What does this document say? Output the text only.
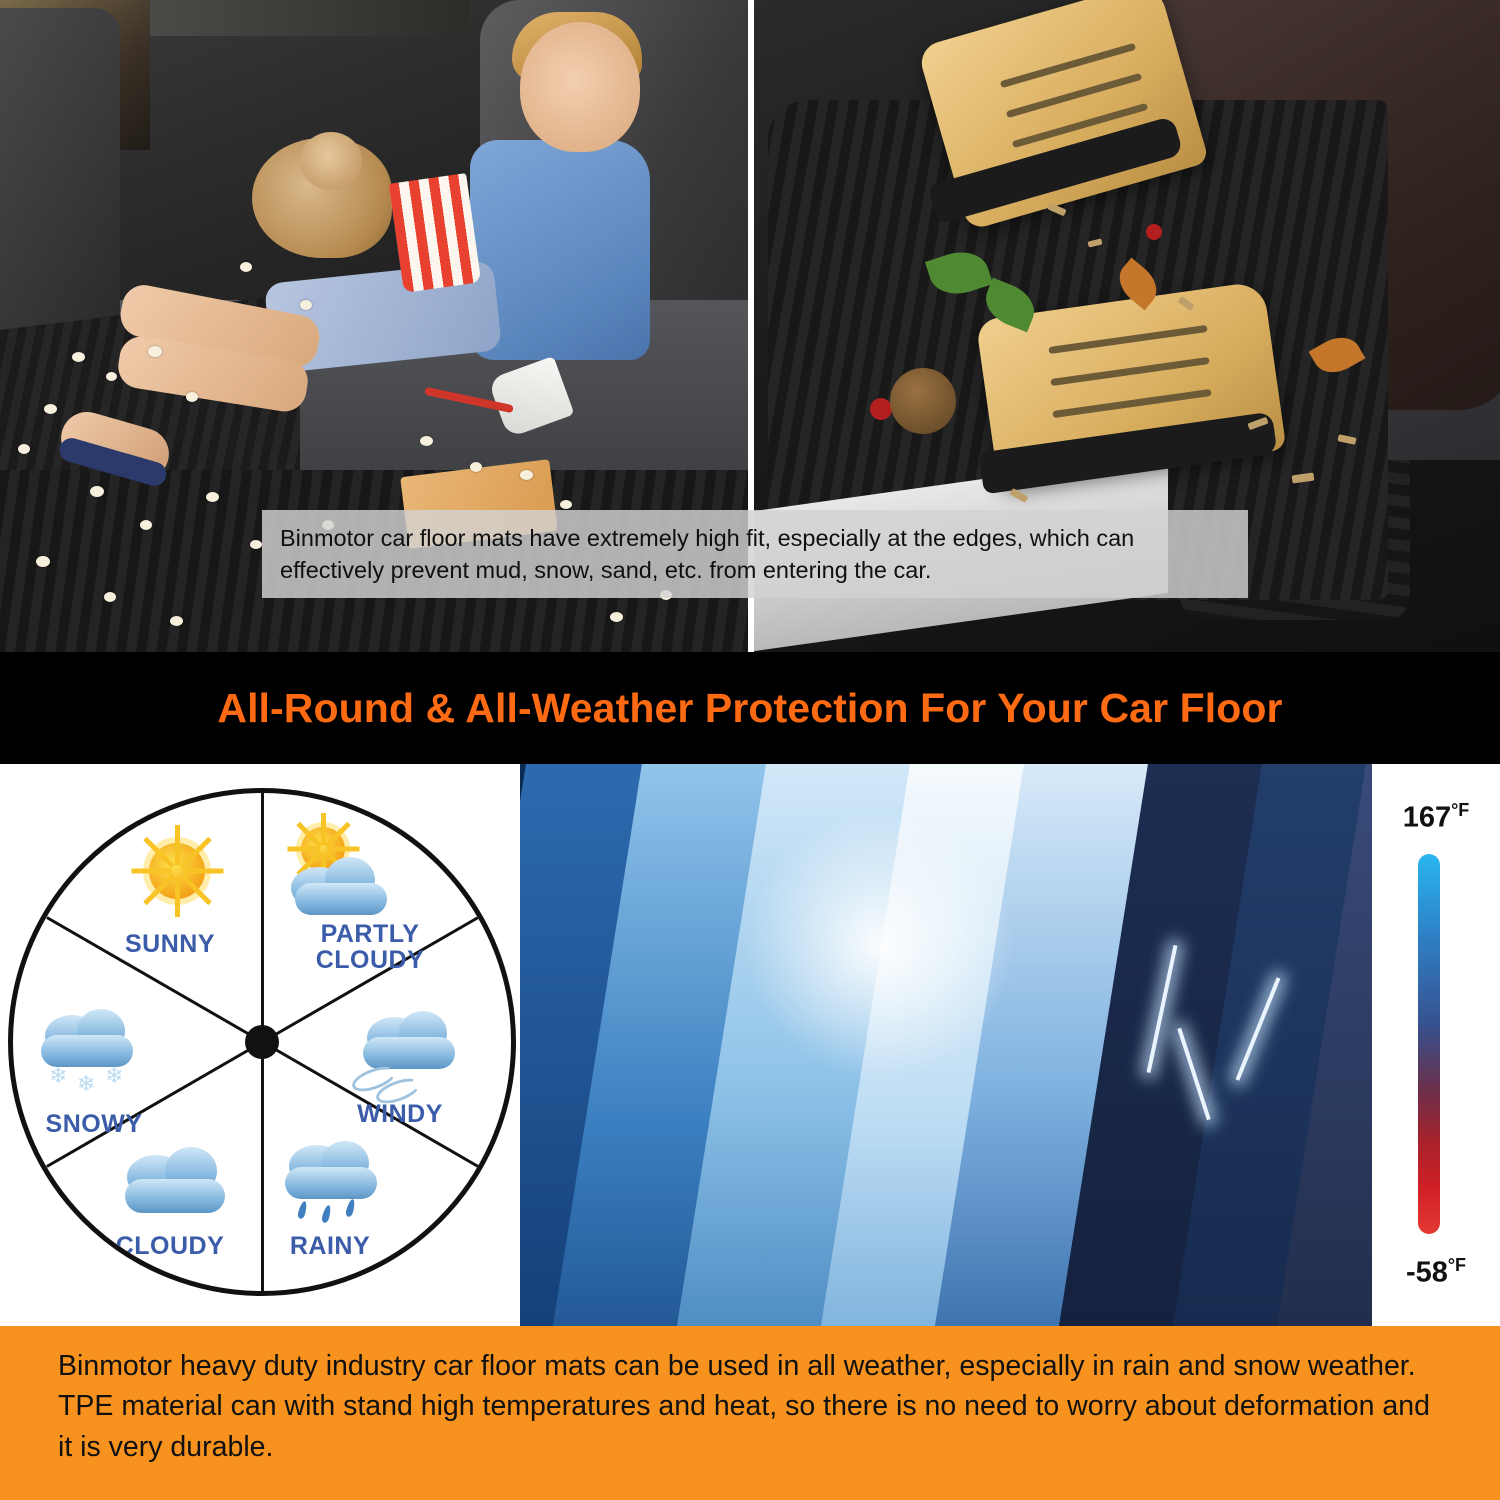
Binmotor car floor mats have extremely high fit, especially at the edges, which can effectively prevent mud, snow, sand, etc. from entering the car.

All-Round & All-Weather Protection For Your Car Floor
SUNNY	PARTLY CLOUDY
WINDY
RAINY
CLOUDY
❄ ❄ ❄
SNOWY
$167^{^\circ F}$
$-58^{^\circ F}$

Binmotor heavy duty industry car floor mats can be used in all weather, especially in rain and snow weather. TPE material can with stand high temperatures and heat, so there is no need to worry about deformation and it is very durable.
